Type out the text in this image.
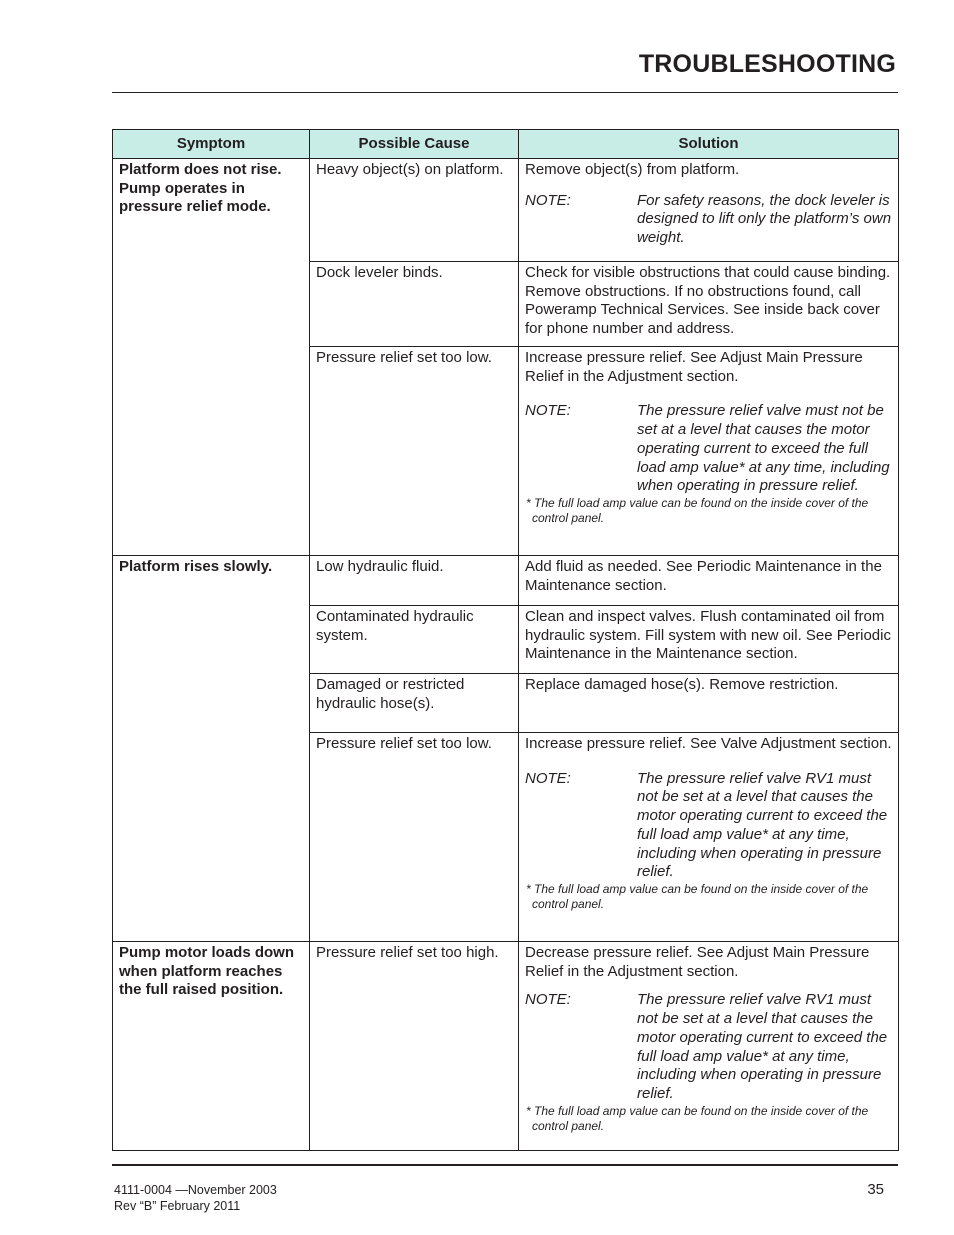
TROUBLESHOOTING
Symptom	Possible Cause	Solution

Platform does not rise. Pump operates in pressure relief mode.	Heavy object(s) on platform.	Remove object(s) from platform.
NOTE: For safety reasons, the dock leveler is designed to lift only the platform’s own weight.

	Dock leveler binds.	Check for visible obstructions that could cause binding. Remove obstructions. If no obstructions found, call Poweramp Technical Services. See inside back cover for phone number and address.

	Pressure relief set too low.	Increase pressure relief. See Adjust Main Pressure Relief in the Adjustment section.
NOTE: The pressure relief valve must not be set at a level that causes the motor operating current to exceed the full load amp value* at any time, including when operating in pressure relief.
* The full load amp value can be found on the inside cover of the control panel.

Platform rises slowly.	Low hydraulic fluid.	Add fluid as needed. See Periodic Maintenance in the Maintenance section.

	Contaminated hydraulic system.	Clean and inspect valves. Flush contaminated oil from hydraulic system. Fill system with new oil. See Periodic Maintenance in the Maintenance section.

	Damaged or restricted hydraulic hose(s).	Replace damaged hose(s). Remove restriction.

	Pressure relief set too low.	Increase pressure relief. See Valve Adjustment section.
NOTE: The pressure relief valve RV1 must not be set at a level that causes the motor operating current to exceed the full load amp value* at any time, including when operating in pressure relief.
* The full load amp value can be found on the inside cover of the control panel.

Pump motor loads down when platform reaches the full raised position.	Pressure relief set too high.	Decrease pressure relief. See Adjust Main Pressure Relief in the Adjustment section.
NOTE: The pressure relief valve RV1 must not be set at a level that causes the motor operating current to exceed the full load amp value* at any time, including when operating in pressure relief.
* The full load amp value can be found on the inside cover of the control panel.
4111-0004 —November 2003
Rev “B” February 2011
35
